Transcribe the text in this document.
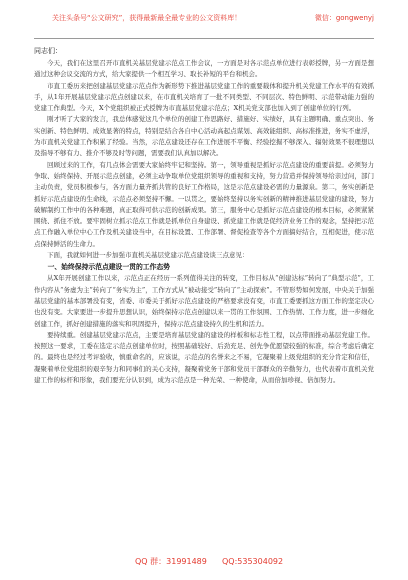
关注头条号“公文研究”，获得最新最全最专业的公文资料库！	微信：gongwenyj

同志们：

今天，我们在这里召开市直机关基层党建示范点工作会议，一方面是对各示范点单位进行表彰授牌，另一方面是想通过这种会议交流的方式，给大家提供一个相互学习、取长补短的平台和机会。

市直工委历来把创建基层党建示范点作为新形势下推进基层党建工作的重要载体和提升机关党建工作水平的有效抓手，从1年开展基层党建示范点创建以来，在市直机关培育了一批不同类型、不同层次、特色鲜明、示范带动能力强的党建工作典型。今天，X个党组织被正式授牌为市直基层党建示范点；X机关党支部也加入到了创建单位的行列。

刚才听了大家的发言，我总体感觉这几个单位的创建工作思路好、措施好、实绩好，具有主题明确、重点突出、务实创新、特色鲜明、成效显著的特点，特别是结合各自中心活动高起点谋划、高效能组织、高标准推进，务实不虚浮，为市直机关党建工作积累了经验。当然，示范点建设还存在工作进展不平衡、经验挖掘不够深入、辐射效果不很理想以及指导不够有力、推介不够及时等问题，需要我们认真加以解决。

回顾过来的工作，有几点体会需要大家始终牢记和坚持。第一，领导重视是抓好示范点建设的重要前提。必须努力争取、始终保持、开展示范点创建，必须主动争取单位党组织领导的重视和支持，努力营造并保持领导给亲过问，部门主动负责，党员积极参与，各方面力量齐抓共管的良好工作格局，这是示范点建设必需的力量源泉。第二，务实创新是抓好示范点建设的生命线，示范点必须坚持不懈。一以贯之，要始终坚持以务实创新的精神推进基层党建的建设，努力破解制约工作中的各种难题，真正取得可供示范的创新成果。第三，服务中心是抓好示范点建设的根本目标，必须紧紧围绕、抓住不放。要牢固树立抓示范点工作就是抓单位自身建设、抓党建工作就是促经济业务工作的观念，坚持把示范点工作融入单位中心工作及机关建设当中，在目标设置、工作部署、督促检查等各个方面搞好结合，互相促进，使示范点保持鲜活的生命力。

下面，我就如何进一步加强市直机关基层党建示范点建设谈三点意见：

一、始终保持示范点建设一贯的工作态势

从X年开展创建工作以来，示范点正在经历一系列值得关注的转变，工作目标从“创建达标”转向了“典型示范”，工作内容从“务虚为主”转向了“务实为主”，工作方式从“被动接受”转向了“主动探索”。不管形势如何发展，中央关于加强基层党建的基本部署没有变，省委、市委关于抓好示范点建设的严格要求没有变，市直工委要抓这方面工作的坚定决心也没有变。大家要进一步提升思想认识，始终保持示范点创建以来一贯的工作氛围、工作热情、工作力度，进一步细化创建工作，抓好创建措施的落实和巩固提升，保持示范点建设持久的生机和活力。

要持续重。创建基层党建示范点，主要是培育基层党建的建设的样板和标志性工程，以点带面推动基层党建工作。按照这一要求，工委在选定示范点创建单位时，按照基础较好、后劲充足、创先争优愿望较强的标准，综合考虑后确定的。最终也是经过考评验收，慎重命名的，应该说，示范点的名誉来之不易，它凝聚着上级党组织的充分肯定和信任，凝聚着单位党组织的艰辛努力和同事们的关心支持，凝聚着党务干部和党员干部群众的辛勤努力，也代表着市直机关党建工作的标杆和形象，我们要充分认识到，成为示范点是一种光荣、一种使命，从而倍加珍视、倍加努力。

QQ 群：31991489 QQ:535304092
